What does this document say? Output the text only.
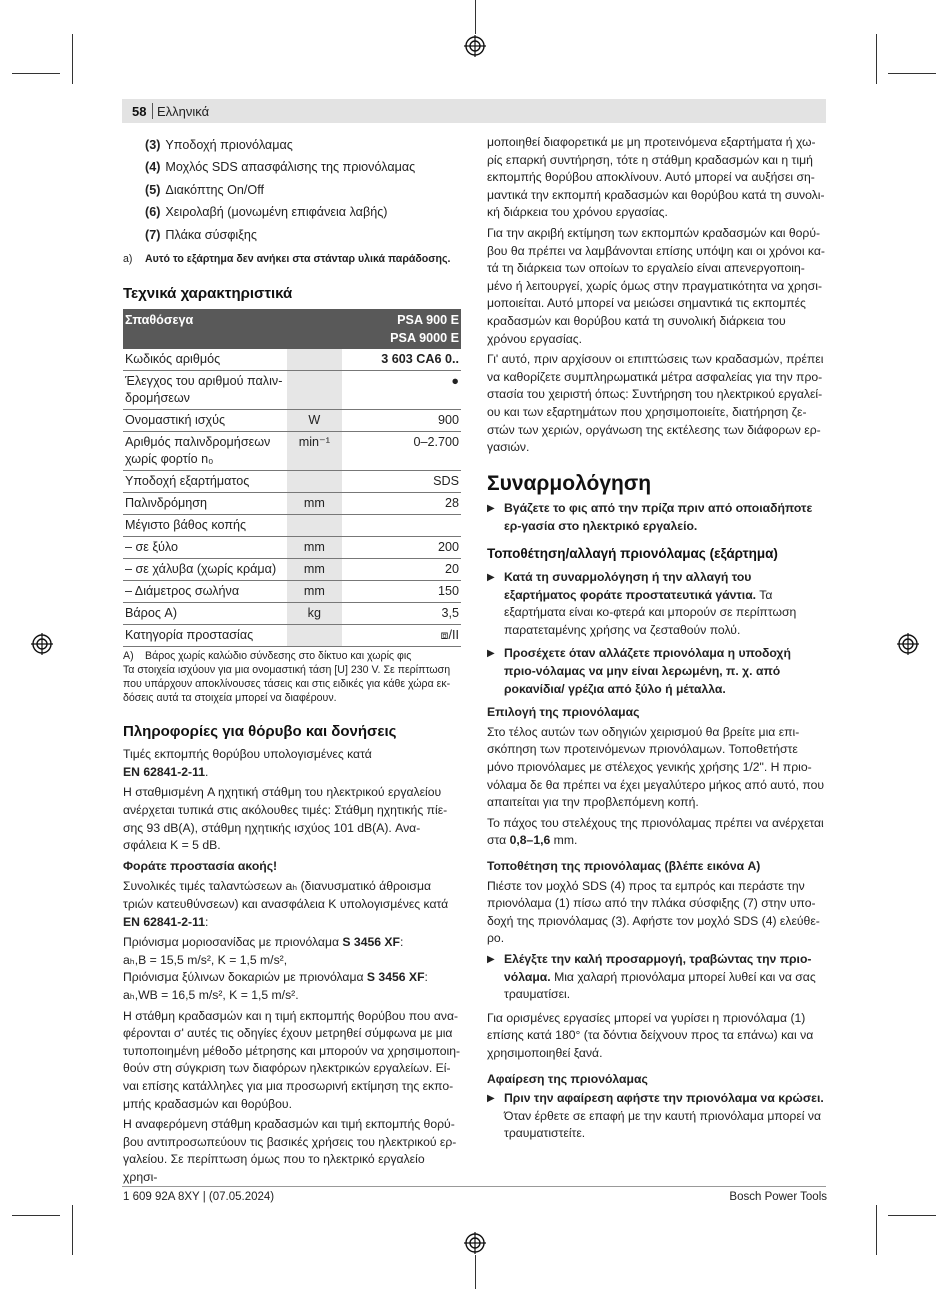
58 Ελληνικά
(3) Υποδοχή πριονόλαμας
(4) Μοχλός SDS απασφάλισης της πριονόλαμας
(5) Διακόπτης On/Off
(6) Χειρολαβή (μονωμένη επιφάνεια λαβής)
(7) Πλάκα σύσφιξης
a)	Αυτό το εξάρτημα δεν ανήκει στα στάνταρ υλικά παράδοσης.
Τεχνικά χαρακτηριστικά
Σπαθόσεγα		PSA 900 E
PSA 9000 E
Κωδικός αριθμός		3 603 CA6 0..
Έλεγχος του αριθμού παλιν-δρομήσεων		●
Ονομαστική ισχύς	W	900
Αριθμός παλινδρομήσεων χωρίς φορτίο n₀	min⁻¹	0–2.700
Υποδοχή εξαρτήματος		SDS
Παλινδρόμηση	mm	28
Μέγιστο βάθος κοπής		
– σε ξύλο	mm	200
– σε χάλυβα (χωρίς κράμα)	mm	20
– Διάμετρος σωλήνα	mm	150
Βάρος A)	kg	3,5
Κατηγορία προστασίας		⧈/II
A)	Βάρος χωρίς καλώδιο σύνδεσης στο δίκτυο και χωρίς φις
Τα στοιχεία ισχύουν για μια ονομαστική τάση [U] 230 V. Σε περίπτωση που υπάρχουν αποκλίνουσες τάσεις και στις ειδικές για κάθε χώρα εκ-δόσεις αυτά τα στοιχεία μπορεί να διαφέρουν.
Πληροφορίες για θόρυβο και δονήσεις

Τιμές εκπομπής θορύβου υπολογισμένες κατά
EN 62841-2-11.

Η σταθμισμένη A ηχητική στάθμη του ηλεκτρικού εργαλείου ανέρχεται τυπικά στις ακόλουθες τιμές: Στάθμη ηχητικής πίε-σης 93 dB(A), στάθμη ηχητικής ισχύος 101 dB(A). Ανα-σφάλεια K = 5 dB.

Φοράτε προστασία ακοής!

Συνολικές τιμές ταλαντώσεων aₕ (διανυσματικό άθροισμα τριών κατευθύνσεων) και ανασφάλεια K υπολογισμένες κατά
EN 62841-2-11:

Πριόνισμα μοριοσανίδας με πριονόλαμα S 3456 XF:
aₕ,B = 15,5 m/s², K = 1,5 m/s²,
Πριόνισμα ξύλινων δοκαριών με πριονόλαμα S 3456 XF:
aₕ,WB = 16,5 m/s², K = 1,5 m/s².

Η στάθμη κραδασμών και η τιμή εκπομπής θορύβου που ανα-φέρονται σ' αυτές τις οδηγίες έχουν μετρηθεί σύμφωνα με μια τυποποιημένη μέθοδο μέτρησης και μπορούν να χρησιμοποιη-θούν στη σύγκριση των διαφόρων ηλεκτρικών εργαλείων. Εί-ναι επίσης κατάλληλες για μια προσωρινή εκτίμηση της εκπο-μπής κραδασμών και θορύβου.

Η αναφερόμενη στάθμη κραδασμών και τιμή εκπομπής θορύ-βου αντιπροσωπεύουν τις βασικές χρήσεις του ηλεκτρικού ερ-γαλείου. Σε περίπτωση όμως που το ηλεκτρικό εργαλείο χρησι-

μοποιηθεί διαφορετικά με μη προτεινόμενα εξαρτήματα ή χω-ρίς επαρκή συντήρηση, τότε η στάθμη κραδασμών και η τιμή εκπομπής θορύβου αποκλίνουν. Αυτό μπορεί να αυξήσει ση-μαντικά την εκπομπή κραδασμών και θορύβου κατά τη συνολι-κή διάρκεια του χρόνου εργασίας.

Για την ακριβή εκτίμηση των εκπομπών κραδασμών και θορύ-βου θα πρέπει να λαμβάνονται επίσης υπόψη και οι χρόνοι κα-τά τη διάρκεια των οποίων το εργαλείο είναι απενεργοποιη-μένο ή λειτουργεί, χωρίς όμως στην πραγματικότητα να χρησι-μοποιείται. Αυτό μπορεί να μειώσει σημαντικά τις εκπομπές κραδασμών και θορύβου κατά τη συνολική διάρκεια του χρόνου εργασίας.

Γι' αυτό, πριν αρχίσουν οι επιπτώσεις των κραδασμών, πρέπει να καθορίζετε συμπληρωματικά μέτρα ασφαλείας για την προ-στασία του χειριστή όπως: Συντήρηση του ηλεκτρικού εργαλεί-ου και των εξαρτημάτων που χρησιμοποιείτε, διατήρηση ζε-στών των χεριών, οργάνωση της εκτέλεσης των διάφορων ερ-γασιών.

Συναρμολόγηση
▶ Βγάζετε το φις από την πρίζα πριν από οποιαδήποτε ερ-γασία στο ηλεκτρικό εργαλείο.
Τοποθέτηση/αλλαγή πριονόλαμας (εξάρτημα)
▶ Κατά τη συναρμολόγηση ή την αλλαγή του εξαρτήματος φοράτε προστατευτικά γάντια. Τα εξαρτήματα είναι κο-φτερά και μπορούν σε περίπτωση παρατεταμένης χρήσης να ζεσταθούν πολύ.
▶ Προσέχετε όταν αλλάζετε πριονόλαμα η υποδοχή πριο-νόλαμας να μην είναι λερωμένη, π. χ. από ροκανίδια/ γρέζια από ξύλο ή μέταλλα.
Επιλογή της πριονόλαμας

Στο τέλος αυτών των οδηγιών χειρισμού θα βρείτε μια επι-σκόπηση των προτεινόμενων πριονόλαμων. Τοποθετήστε μόνο πριονόλαμες με στέλεχος γενικής χρήσης 1/2". Η πριο-νόλαμα δε θα πρέπει να έχει μεγαλύτερο μήκος από αυτό, που απαιτείται για την προβλεπόμενη κοπή.

Το πάχος του στελέχους της πριονόλαμας πρέπει να ανέρχεται στα 0,8–1,6 mm.

Τοποθέτηση της πριονόλαμας (βλέπε εικόνα A)

Πιέστε τον μοχλό SDS (4) προς τα εμπρός και περάστε την πριονόλαμα (1) πίσω από την πλάκα σύσφιξης (7) στην υπο-δοχή της πριονόλαμας (3). Αφήστε τον μοχλό SDS (4) ελεύθε-ρο.

▶ Ελέγξτε την καλή προσαρμογή, τραβώντας την πριο-νόλαμα. Μια χαλαρή πριονόλαμα μπορεί λυθεί και να σας τραυματίσει.

Για ορισμένες εργασίες μπορεί να γυρίσει η πριονόλαμα (1) επίσης κατά 180° (τα δόντια δείχνουν προς τα επάνω) και να χρησιμοποιηθεί ξανά.

Αφαίρεση της πριονόλαμας
▶ Πριν την αφαίρεση αφήστε την πριονόλαμα να κρώσει. Όταν έρθετε σε επαφή με την καυτή πριονόλαμα μπορεί να τραυματιστείτε.
1 609 92A 8XY | (07.05.2024)	Bosch Power Tools
